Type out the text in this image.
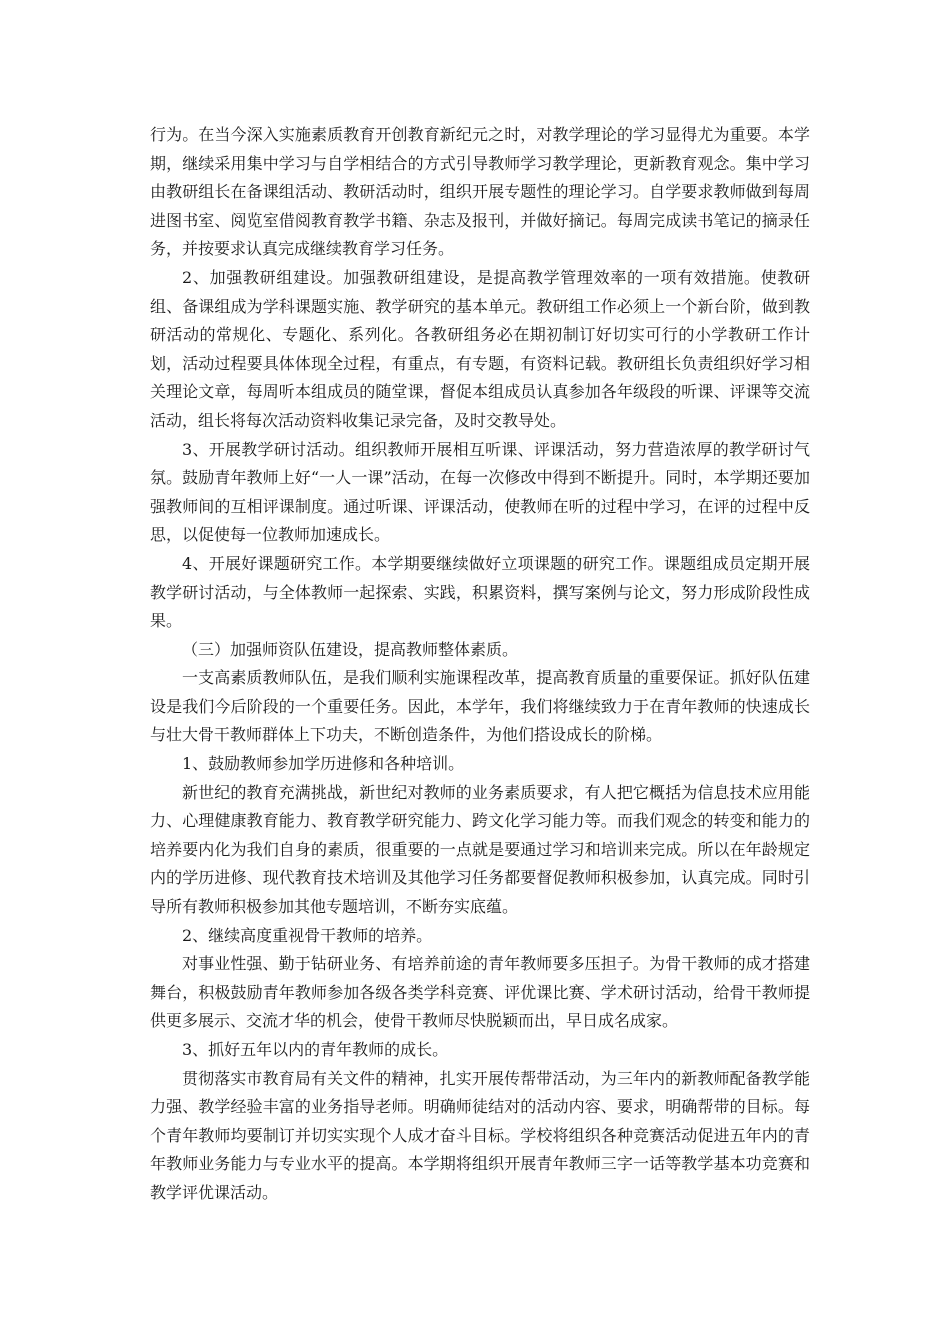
行为。在当今深入实施素质教育开创教育新纪元之时，对教学理论的学习显得尤为重要。本学期，继续采用集中学习与自学相结合的方式引导教师学习教学理论，更新教育观念。集中学习由教研组长在备课组活动、教研活动时，组织开展专题性的理论学习。自学要求教师做到每周进图书室、阅览室借阅教育教学书籍、杂志及报刊，并做好摘记。每周完成读书笔记的摘录任务，并按要求认真完成继续教育学习任务。

2、加强教研组建设。加强教研组建设，是提高教学管理效率的一项有效措施。使教研组、备课组成为学科课题实施、教学研究的基本单元。教研组工作必须上一个新台阶，做到教研活动的常规化、专题化、系列化。各教研组务必在期初制订好切实可行的小学教研工作计划，活动过程要具体体现全过程，有重点，有专题，有资料记载。教研组长负责组织好学习相关理论文章，每周听本组成员的随堂课，督促本组成员认真参加各年级段的听课、评课等交流活动，组长将每次活动资料收集记录完备，及时交教导处。

3、开展教学研讨活动。组织教师开展相互听课、评课活动，努力营造浓厚的教学研讨气氛。鼓励青年教师上好“一人一课”活动，在每一次修改中得到不断提升。同时，本学期还要加强教师间的互相评课制度。通过听课、评课活动，使教师在听的过程中学习，在评的过程中反思，以促使每一位教师加速成长。

4、开展好课题研究工作。本学期要继续做好立项课题的研究工作。课题组成员定期开展教学研讨活动，与全体教师一起探索、实践，积累资料，撰写案例与论文，努力形成阶段性成果。

（三）加强师资队伍建设，提高教师整体素质。

一支高素质教师队伍，是我们顺利实施课程改革，提高教育质量的重要保证。抓好队伍建设是我们今后阶段的一个重要任务。因此，本学年，我们将继续致力于在青年教师的快速成长与壮大骨干教师群体上下功夫，不断创造条件，为他们搭设成长的阶梯。

1、鼓励教师参加学历进修和各种培训。

新世纪的教育充满挑战，新世纪对教师的业务素质要求，有人把它概括为信息技术应用能力、心理健康教育能力、教育教学研究能力、跨文化学习能力等。而我们观念的转变和能力的培养要内化为我们自身的素质，很重要的一点就是要通过学习和培训来完成。所以在年龄规定内的学历进修、现代教育技术培训及其他学习任务都要督促教师积极参加，认真完成。同时引导所有教师积极参加其他专题培训，不断夯实底蕴。

2、继续高度重视骨干教师的培养。

对事业性强、勤于钻研业务、有培养前途的青年教师要多压担子。为骨干教师的成才搭建舞台，积极鼓励青年教师参加各级各类学科竞赛、评优课比赛、学术研讨活动，给骨干教师提供更多展示、交流才华的机会，使骨干教师尽快脱颖而出，早日成名成家。

3、抓好五年以内的青年教师的成长。

贯彻落实市教育局有关文件的精神，扎实开展传帮带活动，为三年内的新教师配备教学能力强、教学经验丰富的业务指导老师。明确师徒结对的活动内容、要求，明确帮带的目标。每个青年教师均要制订并切实实现个人成才奋斗目标。学校将组织各种竞赛活动促进五年内的青年教师业务能力与专业水平的提高。本学期将组织开展青年教师三字一话等教学基本功竞赛和教学评优课活动。
